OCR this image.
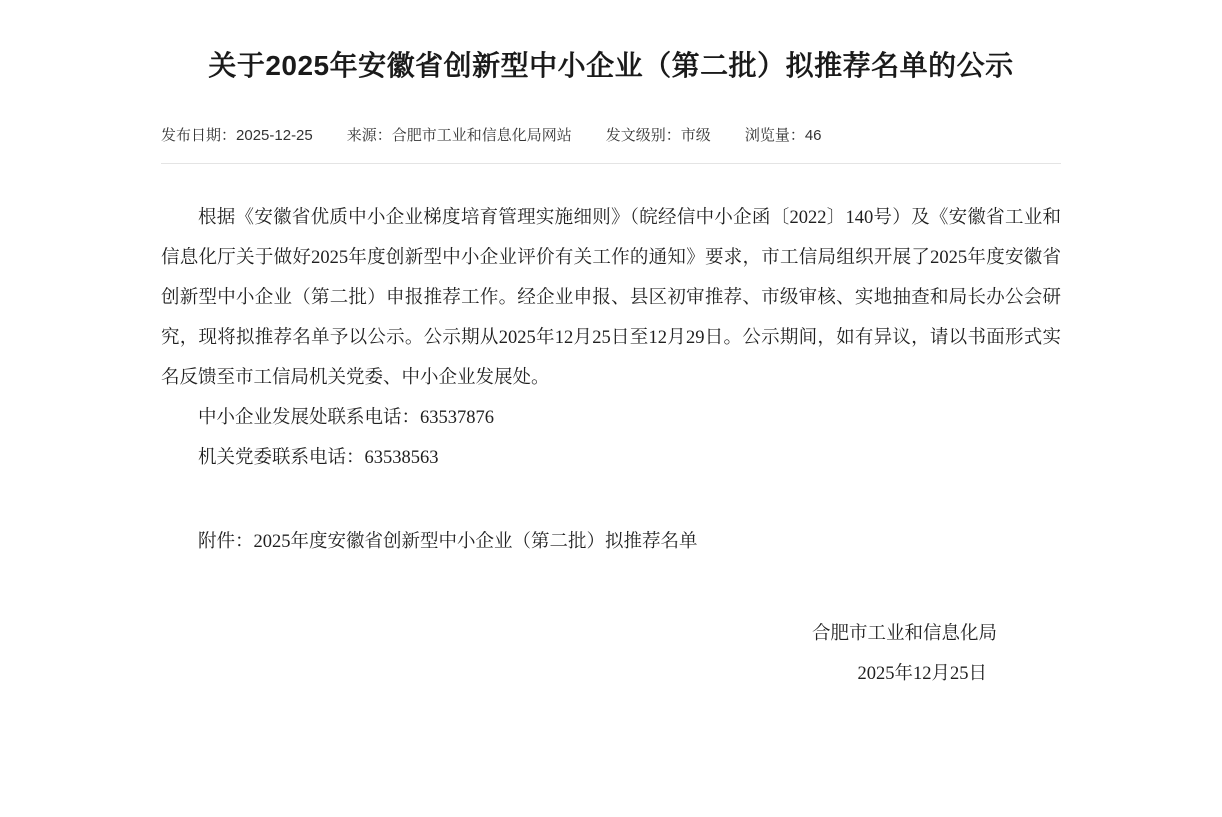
关于2025年安徽省创新型中小企业（第二批）拟推荐名单的公示
发布日期：2025-12-25 来源：合肥市工业和信息化局网站 发文级别：市级 浏览量：46

根据《安徽省优质中小企业梯度培育管理实施细则》（皖经信中小企函〔2022〕140号）及《安徽省工业和信息化厅关于做好2025年度创新型中小企业评价有关工作的通知》要求，市工信局组织开展了2025年度安徽省创新型中小企业（第二批）申报推荐工作。经企业申报、县区初审推荐、市级审核、实地抽查和局长办公会研究，现将拟推荐名单予以公示。公示期从2025年12月25日至12月29日。公示期间，如有异议，请以书面形式实名反馈至市工信局机关党委、中小企业发展处。

中小企业发展处联系电话：63537876

机关党委联系电话：63538563

附件：2025年度安徽省创新型中小企业（第二批）拟推荐名单
合肥市工业和信息化局
2025年12月25日
